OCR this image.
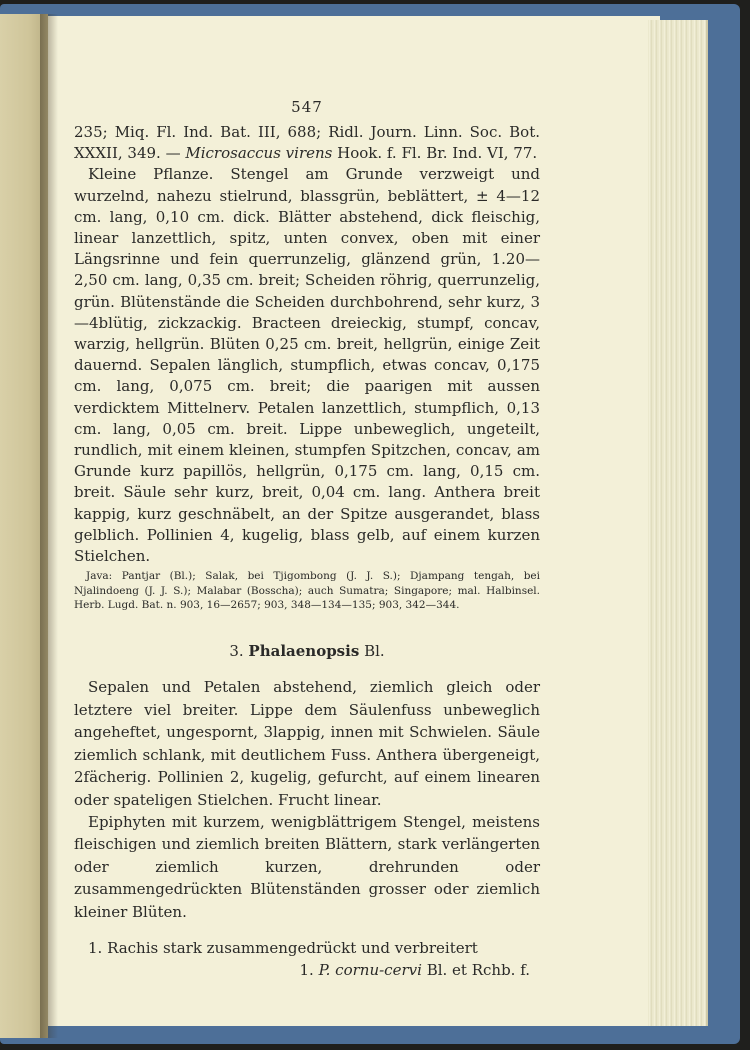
547

235; Miq. Fl. Ind. Bat. III, 688; Ridl. Journ. Linn. Soc. Bot. XXXII, 349. — Microsaccus virens Hook. f. Fl. Br. Ind. VI, 77.

Kleine Pflanze. Stengel am Grunde verzweigt und wurzelnd, nahezu stielrund, blassgrün, beblättert, ± 4—12 cm. lang, 0,10 cm. dick. Blätter abstehend, dick fleischig, linear lanzettlich, spitz, unten convex, oben mit einer Längsrinne und fein querrunzelig, glänzend grün, 1.20—2,50 cm. lang, 0,35 cm. breit; Scheiden röhrig, querrunzelig, grün. Blütenstände die Scheiden durchbohrend, sehr kurz, 3—4blütig, zickzackig. Bracteen dreieckig, stumpf, concav, warzig, hellgrün. Blüten 0,25 cm. breit, hellgrün, einige Zeit dauernd. Sepalen länglich, stumpflich, etwas concav, 0,175 cm. lang, 0,075 cm. breit; die paarigen mit aussen verdicktem Mittelnerv. Petalen lanzettlich, stumpflich, 0,13 cm. lang, 0,05 cm. breit. Lippe unbeweglich, ungeteilt, rundlich, mit einem kleinen, stumpfen Spitzchen, concav, am Grunde kurz papillös, hellgrün, 0,175 cm. lang, 0,15 cm. breit. Säule sehr kurz, breit, 0,04 cm. lang. Anthera breit kappig, kurz geschnäbelt, an der Spitze ausgerandet, blass gelblich. Pollinien 4, kugelig, blass gelb, auf einem kurzen Stielchen.

Java: Pantjar (Bl.); Salak, bei Tjigombong (J. J. S.); Djampang tengah, bei Njalindoeng (J. J. S.); Malabar (Bosscha); auch Sumatra; Singapore; mal. Halbinsel. Herb. Lugd. Bat. n. 903, 16—2657; 903, 348—134—135; 903, 342—344.

3. Phalaenopsis Bl.

Sepalen und Petalen abstehend, ziemlich gleich oder letztere viel breiter. Lippe dem Säulenfuss unbeweglich angeheftet, ungespornt, 3lappig, innen mit Schwielen. Säule ziemlich schlank, mit deutlichem Fuss. Anthera übergeneigt, 2fächerig. Pollinien 2, kugelig, gefurcht, auf einem linearen oder spateligen Stielchen. Frucht linear.

Epiphyten mit kurzem, wenigblättrigem Stengel, meistens fleischigen und ziemlich breiten Blättern, stark verlängerten oder ziemlich kurzen, drehrunden oder zusammengedrückten Blütenständen grosser oder ziemlich kleiner Blüten.

1. Rachis stark zusammengedrückt und verbreitert

1. P. cornu-cervi Bl. et Rchb. f.
